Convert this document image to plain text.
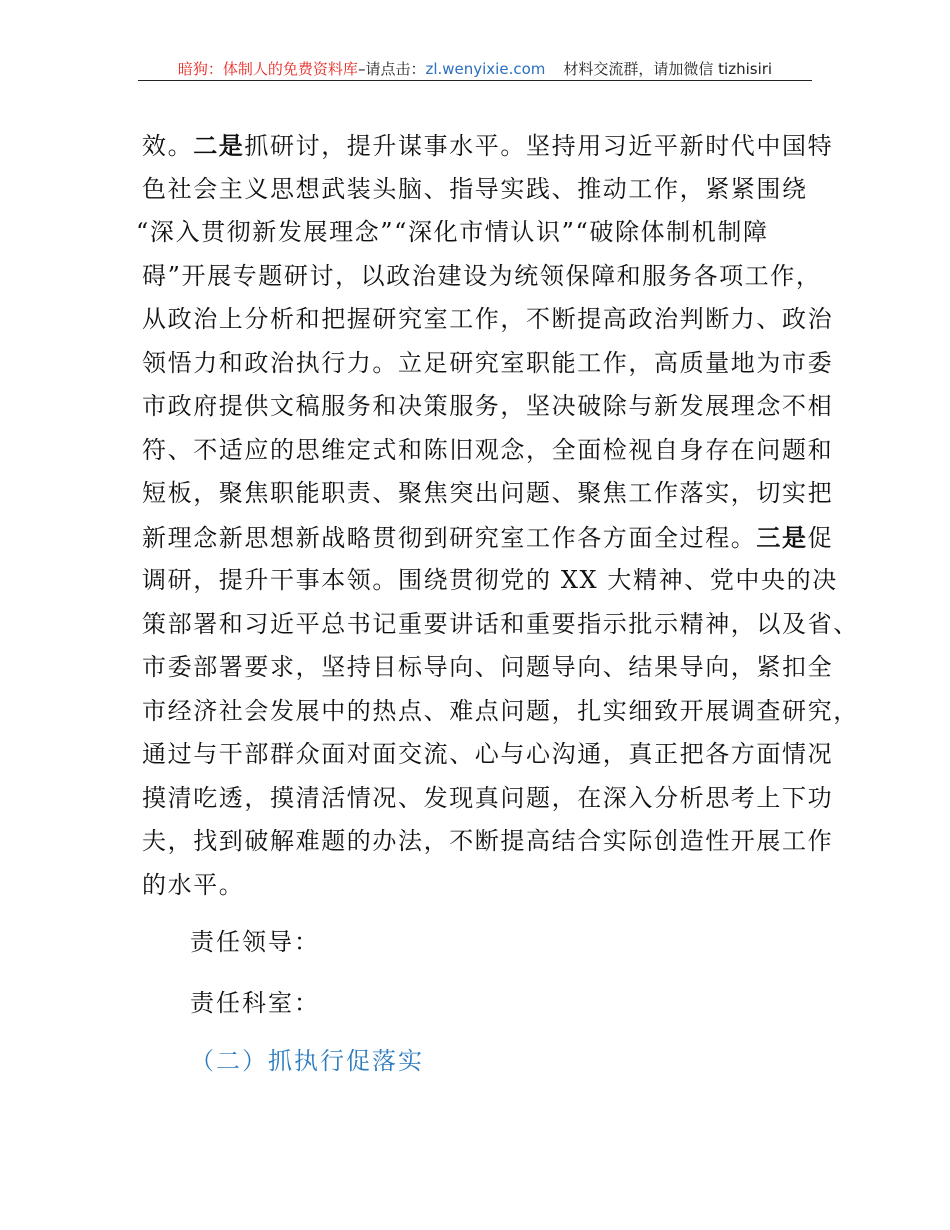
暗狗：体制人的免费资料库 –请点击： zl.wenyixie.com 材料交流群，请加微信 tizhisiri
效。二是抓研讨，提升谋事水平。坚持用习近平新时代中国特
色社会主义思想武装头脑、指导实践、推动工作，紧紧围绕
“深入贯彻新发展理念”“深化市情认识”“破除体制机制障
碍”开展专题研讨，以政治建设为统领保障和服务各项工作，
从政治上分析和把握研究室工作，不断提高政治判断力、政治
领悟力和政治执行力。立足研究室职能工作，高质量地为市委
市政府提供文稿服务和决策服务，坚决破除与新发展理念不相
符、不适应的思维定式和陈旧观念，全面检视自身存在问题和
短板，聚焦职能职责、聚焦突出问题、聚焦工作落实，切实把
新理念新思想新战略贯彻到研究室工作各方面全过程。三是促
调研，提升干事本领。围绕贯彻党的 XX 大精神、党中央的决
策部署和习近平总书记重要讲话和重要指示批示精神，以及省、
市委部署要求，坚持目标导向、问题导向、结果导向，紧扣全
市经济社会发展中的热点、难点问题，扎实细致开展调查研究，
通过与干部群众面对面交流、心与心沟通，真正把各方面情况
摸清吃透，摸清活情况、发现真问题，在深入分析思考上下功
夫，找到破解难题的办法，不断提高结合实际创造性开展工作
的水平。
责任领导：
责任科室：
（二）抓执行促落实
